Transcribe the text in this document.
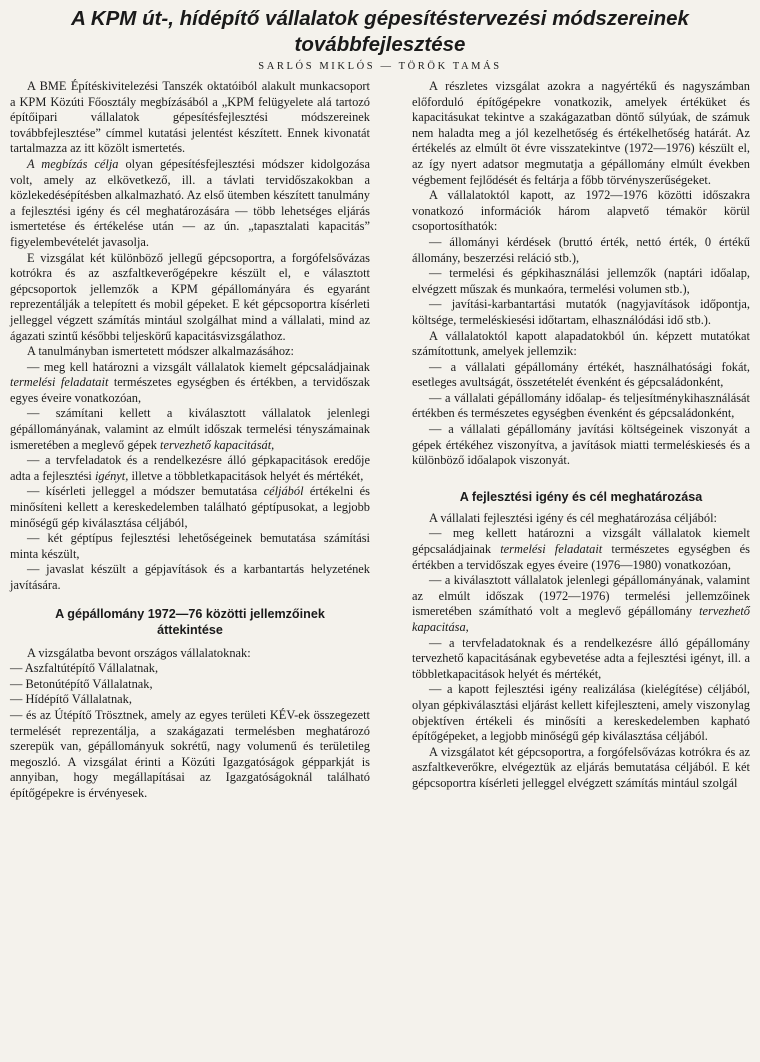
A KPM út-, hídépítő vállalatok gépesítéstervezési módszereinek
továbbfejlesztése
SARLÓS MIKLÓS — TÖRÖK TAMÁS

A BME Építéskivitelezési Tanszék oktatóiból alakult munkacsoport a KPM Közúti Főosztály megbízásából a „KPM felügyelete alá tartozó építőipari vállalatok gépesítésfejlesztési módszereinek továbbfejlesztése” címmel kutatási jelentést készített. Ennek kivonatát tartalmazza az itt közölt ismertetés.

A megbízás célja olyan gépesítésfejlesztési módszer kidolgozása volt, amely az elkövetkező, ill. a távlati tervidőszakokban a közlekedésépítésben alkalmazható. Az első ütemben készített tanulmány a fejlesztési igény és cél meghatározására — több lehetséges eljárás ismertetése és értékelése után — az ún. „tapasztalati kapacitás” figyelembevételét javasolja.

E vizsgálat két különböző jellegű gépcsoportra, a forgófelsővázas kotrókra és az aszfaltkeverőgépekre készült el, e választott gépcsoportok jellemzők a KPM gépállományára és egyaránt reprezentálják a telepített és mobil gépeket. E két gépcsoportra kísérleti jelleggel végzett számítás mintául szolgálhat mind a vállalati, mind az ágazati szintű későbbi teljeskörű kapacitásvizsgálathoz.

A tanulmányban ismertetett módszer alkalmazásához:

— meg kell határozni a vizsgált vállalatok kiemelt gépcsaládjainak termelési feladatait természetes egységben és értékben, a tervidőszak egyes éveire vonatkozóan,

— számítani kellett a kiválasztott vállalatok jelenlegi gépállományának, valamint az elmúlt időszak termelési tényszámainak ismeretében a meglevő gépek tervezhető kapacitását,

— a tervfeladatok és a rendelkezésre álló gépkapacitások eredője adta a fejlesztési igényt, illetve a többletkapacitások helyét és mértékét,

— kísérleti jelleggel a módszer bemutatása céljából értékelni és minősíteni kellett a kereskedelemben található géptípusokat, a legjobb minőségű gép kiválasztása céljából,

— két géptípus fejlesztési lehetőségeinek bemutatása számítási minta készült,

— javaslat készült a gépjavítások és a karbantartás helyzetének javítására.

A gépállomány 1972—76 közötti jellemzőinek
áttekintése

A vizsgálatba bevont országos vállalatoknak:

— Aszfaltútépítő Vállalatnak,

— Betonútépítő Vállalatnak,

— Hídépítő Vállalatnak,

— és az Útépítő Trösztnek, amely az egyes területi KÉV-ek összegezett termelését reprezentálja, a szakágazati termelésben meghatározó szerepük van, gépállományuk sokrétű, nagy volumenű és területileg megoszló. A vizsgálat érinti a Közúti Igazgatóságok gépparkját is annyiban, hogy megállapításai az Igazgatóságoknál található építőgépekre is érvényesek.

A részletes vizsgálat azokra a nagyértékű és nagyszámban előforduló építőgépekre vonatkozik, amelyek értéküket és kapacitásukat tekintve a szakágazatban döntő súlyúak, de számuk nem haladta meg a jól kezelhetőség és értékelhetőség határát. Az értékelés az elmúlt öt évre visszatekintve (1972—1976) készült el, az így nyert adatsor megmutatja a gépállomány elmúlt években végbement fejlődését és feltárja a főbb törvényszerűségeket.

A vállalatoktól kapott, az 1972—1976 közötti időszakra vonatkozó információk három alapvető témakör körül csoportosíthatók:

— állományi kérdések (bruttó érték, nettó érték, 0 értékű állomány, beszerzési reláció stb.),

— termelési és gépkihasználási jellemzők (naptári időalap, elvégzett műszak és munkaóra, termelési volumen stb.),

— javítási-karbantartási mutatók (nagyjavítások időpontja, költsége, termeléskiesési időtartam, elhasználódási idő stb.).

A vállalatoktól kapott alapadatokból ún. képzett mutatókat számítottunk, amelyek jellemzik:

— a vállalati gépállomány értékét, használhatósági fokát, esetleges avultságát, összetételét évenként és gépcsaládonként,

— a vállalati gépállomány időalap- és teljesítménykihasználását értékben és természetes egységben évenként és gépcsaládonként,

— a vállalati gépállomány javítási költségeinek viszonyát a gépek értékéhez viszonyítva, a javítások miatti termeléskiesés és a különböző időalapok viszonyát.

A fejlesztési igény és cél meghatározása

A vállalati fejlesztési igény és cél meghatározása céljából:

— meg kellett határozni a vizsgált vállalatok kiemelt gépcsaládjainak termelési feladatait természetes egységben és értékben a tervidőszak egyes éveire (1976—1980) vonatkozóan,

— a kiválasztott vállalatok jelenlegi gépállományának, valamint az elmúlt időszak (1972—1976) termelési jellemzőinek ismeretében számítható volt a meglevő gépállomány tervezhető kapacitása,

— a tervfeladatoknak és a rendelkezésre álló gépállomány tervezhető kapacitásának egybevetése adta a fejlesztési igényt, ill. a többletkapacitások helyét és mértékét,

— a kapott fejlesztési igény realizálása (kielégítése) céljából, olyan gépkiválasztási eljárást kellett kifejleszteni, amely viszonylag objektíven értékeli és minősíti a kereskedelemben kapható építőgépeket, a legjobb minőségű gép kiválasztása céljából.

A vizsgálatot két gépcsoportra, a forgófelsővázas kotrókra és az aszfaltkeverőkre, elvégeztük az eljárás bemutatása céljából. E két gépcsoportra kísérleti jelleggel elvégzett számítás mintául szolgál
